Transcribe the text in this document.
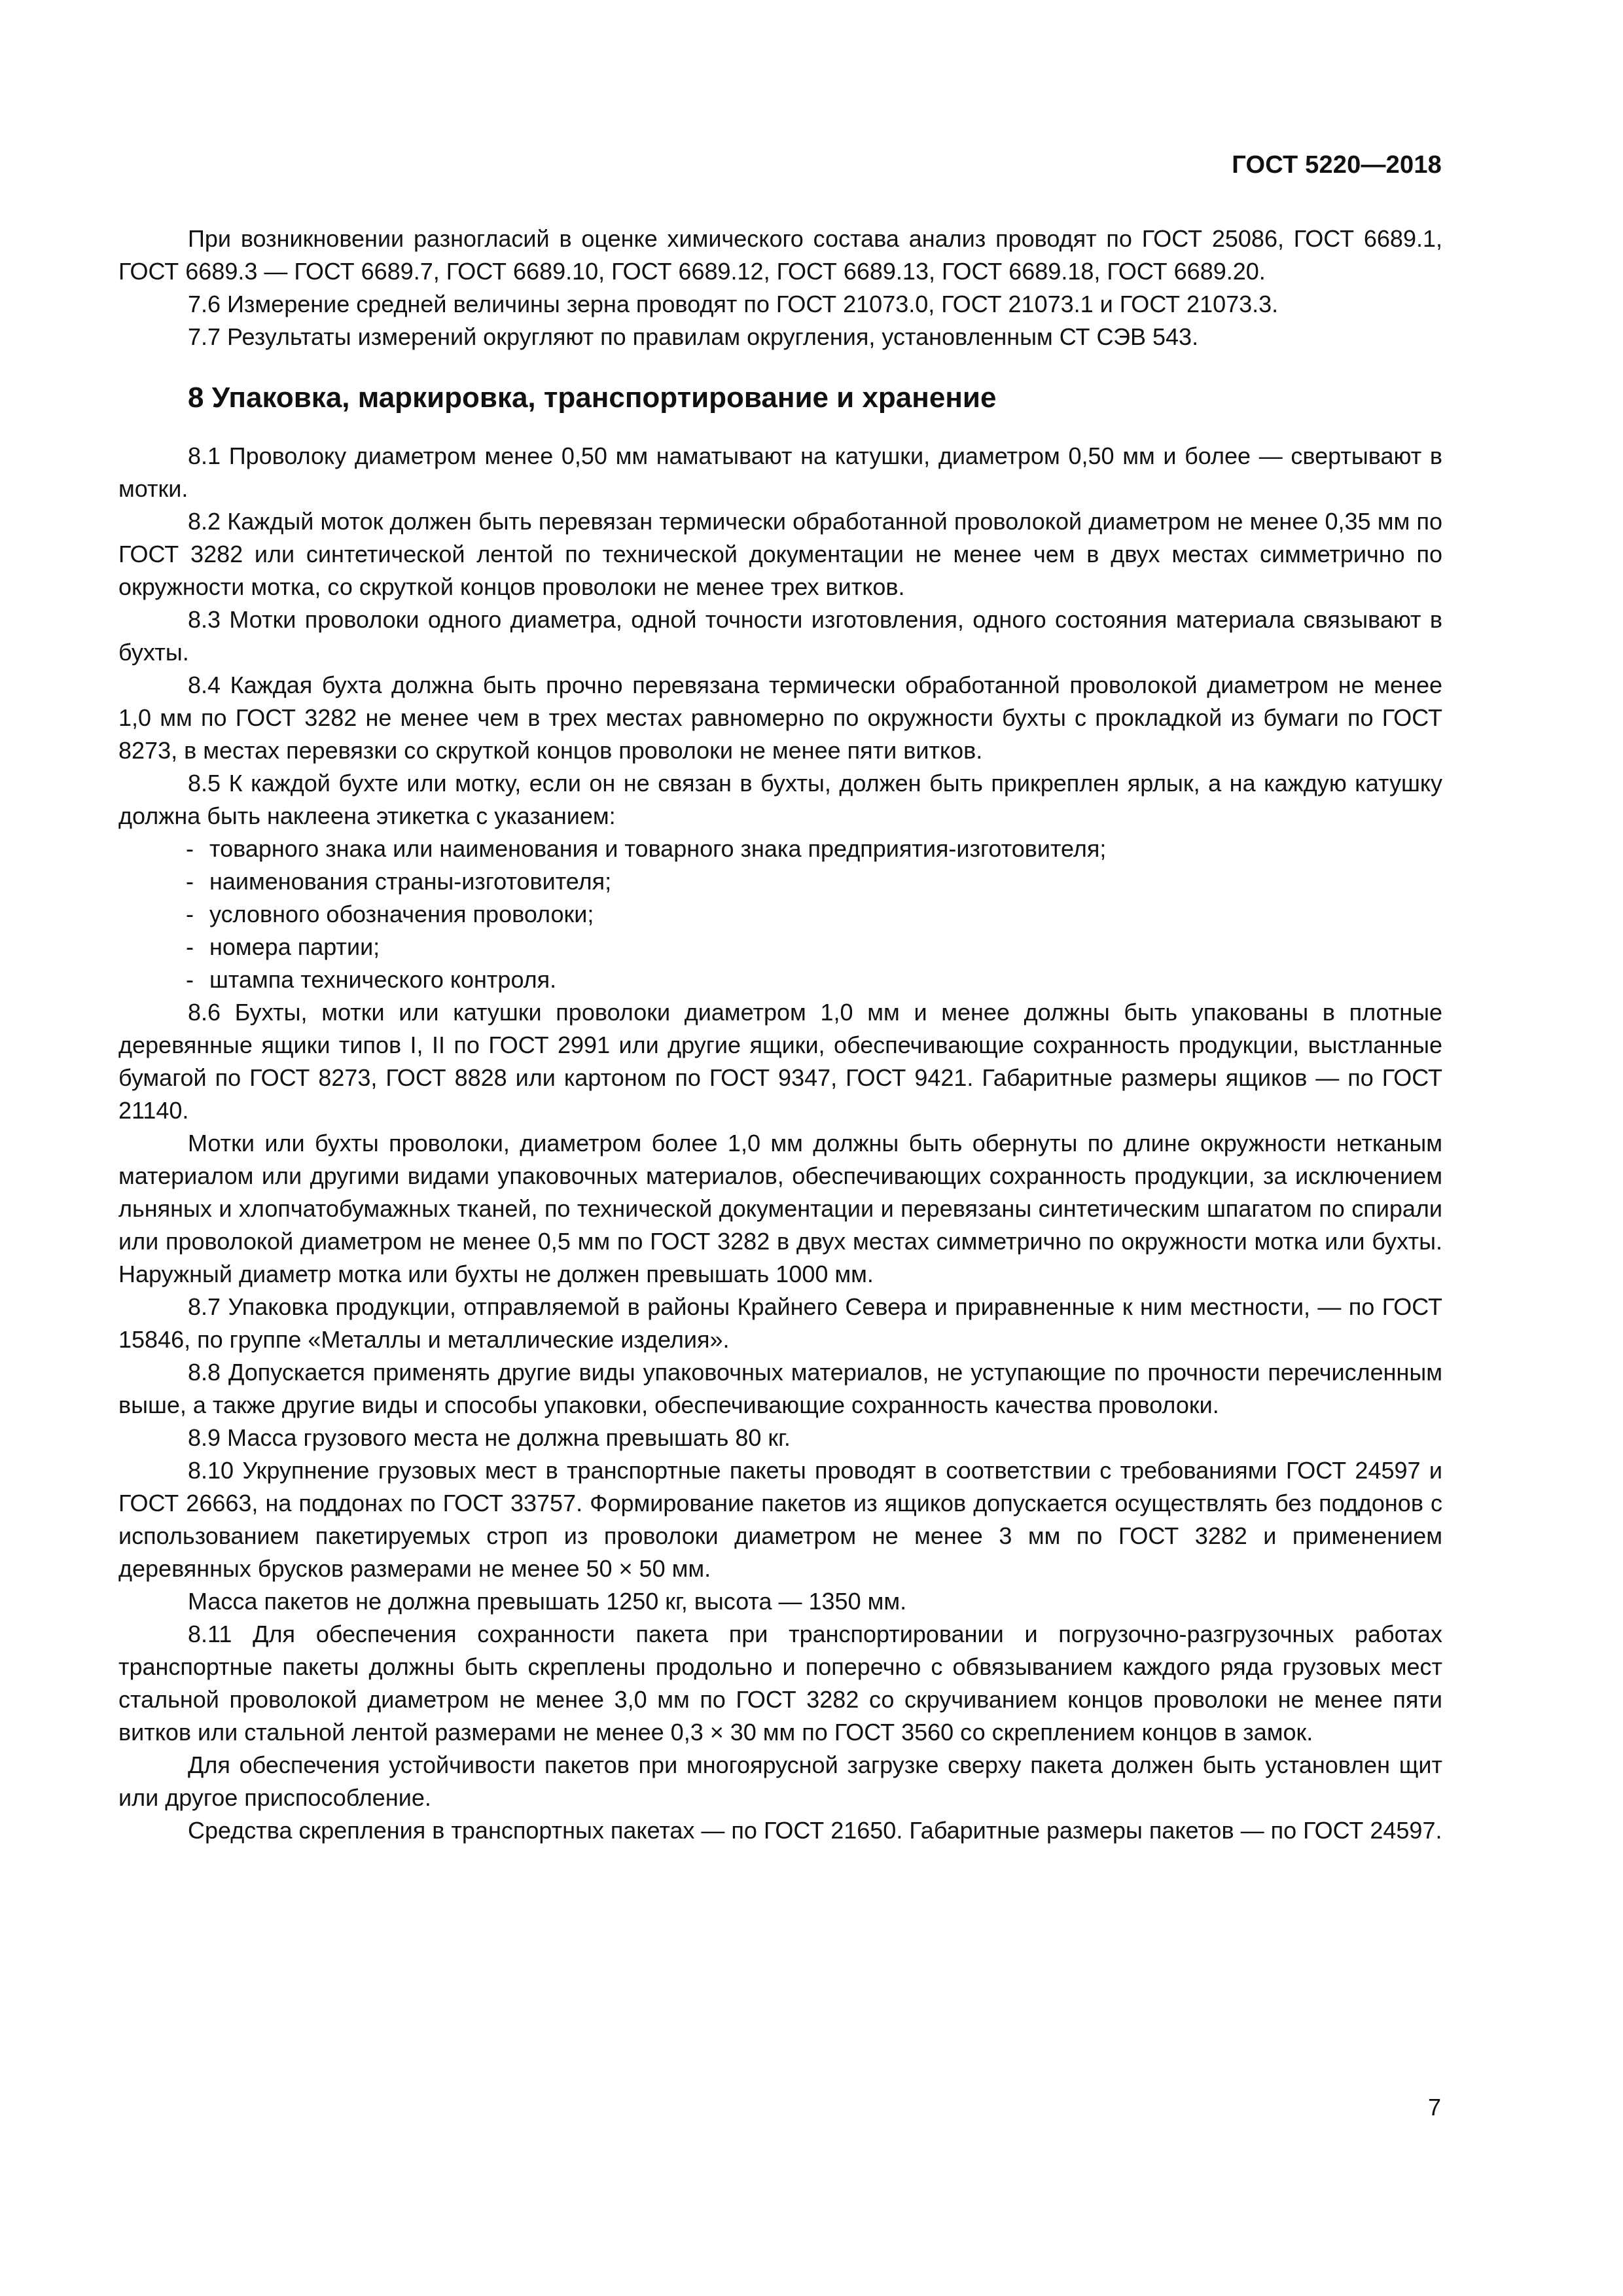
ГОСТ 5220—2018

При возникновении разногласий в оценке химического состава анализ проводят по ГОСТ 25086, ГОСТ 6689.1, ГОСТ 6689.3 — ГОСТ 6689.7, ГОСТ 6689.10, ГОСТ 6689.12, ГОСТ 6689.13, ГОСТ 6689.18, ГОСТ 6689.20.

7.6 Измерение средней величины зерна проводят по ГОСТ 21073.0, ГОСТ 21073.1 и ГОСТ 21073.3.

7.7 Результаты измерений округляют по правилам округления, установленным СТ СЭВ 543.

8 Упаковка, маркировка, транспортирование и хранение

8.1 Проволоку диаметром менее 0,50 мм наматывают на катушки, диаметром 0,50 мм и более — свертывают в мотки.

8.2 Каждый моток должен быть перевязан термически обработанной проволокой диаметром не менее 0,35 мм по ГОСТ 3282 или синтетической лентой по технической документации не менее чем в двух местах симметрично по окружности мотка, со скруткой концов проволоки не менее трех витков.

8.3 Мотки проволоки одного диаметра, одной точности изготовления, одного состояния материала связывают в бухты.

8.4 Каждая бухта должна быть прочно перевязана термически обработанной проволокой диаметром не менее 1,0 мм по ГОСТ 3282 не менее чем в трех местах равномерно по окружности бухты с прокладкой из бумаги по ГОСТ 8273, в местах перевязки со скруткой концов проволоки не менее пяти витков.

8.5 К каждой бухте или мотку, если он не связан в бухты, должен быть прикреплен ярлык, а на каждую катушку должна быть наклеена этикетка с указанием:

- товарного знака или наименования и товарного знака предприятия-изготовителя;
- наименования страны-изготовителя;
- условного обозначения проволоки;
- номера партии;
- штампа технического контроля.

8.6 Бухты, мотки или катушки проволоки диаметром 1,0 мм и менее должны быть упакованы в плотные деревянные ящики типов I, II по ГОСТ 2991 или другие ящики, обеспечивающие сохранность продукции, выстланные бумагой по ГОСТ 8273, ГОСТ 8828 или картоном по ГОСТ 9347, ГОСТ 9421. Габаритные размеры ящиков — по ГОСТ 21140.

Мотки или бухты проволоки, диаметром более 1,0 мм должны быть обернуты по длине окружности нетканым материалом или другими видами упаковочных материалов, обеспечивающих сохранность продукции, за исключением льняных и хлопчатобумажных тканей, по технической документации и перевязаны синтетическим шпагатом по спирали или проволокой диаметром не менее 0,5 мм по ГОСТ 3282 в двух местах симметрично по окружности мотка или бухты. Наружный диаметр мотка или бухты не должен превышать 1000 мм.

8.7 Упаковка продукции, отправляемой в районы Крайнего Севера и приравненные к ним местности, — по ГОСТ 15846, по группе «Металлы и металлические изделия».

8.8 Допускается применять другие виды упаковочных материалов, не уступающие по прочности перечисленным выше, а также другие виды и способы упаковки, обеспечивающие сохранность качества проволоки.

8.9 Масса грузового места не должна превышать 80 кг.

8.10 Укрупнение грузовых мест в транспортные пакеты проводят в соответствии с требованиями ГОСТ 24597 и ГОСТ 26663, на поддонах по ГОСТ 33757. Формирование пакетов из ящиков допускается осуществлять без поддонов с использованием пакетируемых строп из проволоки диаметром не менее 3 мм по ГОСТ 3282 и применением деревянных брусков размерами не менее 50 × 50 мм.

Масса пакетов не должна превышать 1250 кг, высота — 1350 мм.

8.11 Для обеспечения сохранности пакета при транспортировании и погрузочно-разгрузочных работах транспортные пакеты должны быть скреплены продольно и поперечно с обвязыванием каждого ряда грузовых мест стальной проволокой диаметром не менее 3,0 мм по ГОСТ 3282 со скручиванием концов проволоки не менее пяти витков или стальной лентой размерами не менее 0,3 × 30 мм по ГОСТ 3560 со скреплением концов в замок.

Для обеспечения устойчивости пакетов при многоярусной загрузке сверху пакета должен быть установлен щит или другое приспособление.

Средства скрепления в транспортных пакетах — по ГОСТ 21650. Габаритные размеры пакетов — по ГОСТ 24597.

7
